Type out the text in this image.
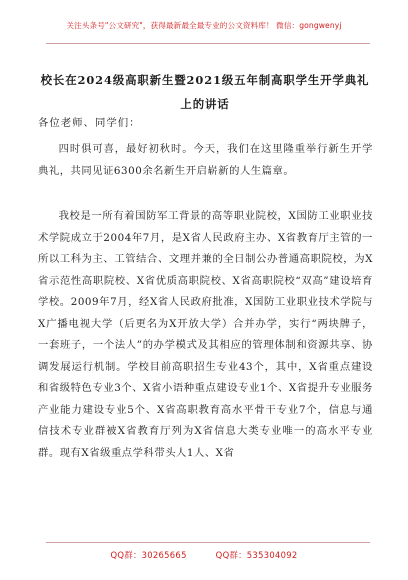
关注头条号"公文研究"，获得最新最全最专业的公文资料库！ 微信：gongwenyj
校长在2024级高职新生暨2021级五年制高职学生开学典礼
上的讲话
各位老师、同学们：

四时俱可喜，最好初秋时。今天，我们在这里隆重举行新生开学典礼，共同见证6300余名新生开启崭新的人生篇章。

我校是一所有着国防军工背景的高等职业院校，X国防工业职业技术学院成立于2004年7月，是X省人民政府主办、X省教育厅主管的一所以工科为主、工管结合、文理并兼的全日制公办普通高职院校，为X省示范性高职院校、X省优质高职院校、X省高职院校“双高”建设培育学校。2009年7月，经X省人民政府批准，X国防工业职业技术学院与X广播电视大学（后更名为X开放大学）合并办学，实行“两块牌子，一套班子，一个法人”的办学模式及其相应的管理体制和资源共享、协调发展运行机制。学校目前高职招生专业43个，其中，X省重点建设和省级特色专业3个、X省小语种重点建设专业1个、X省提升专业服务产业能力建设专业5个、X省高职教育高水平骨干专业7个，信息与通信技术专业群被X省教育厅列为X省信息大类专业唯一的高水平专业群。现有X省级重点学科带头人1人、X省

QQ群：30265665	QQ群：535304092
